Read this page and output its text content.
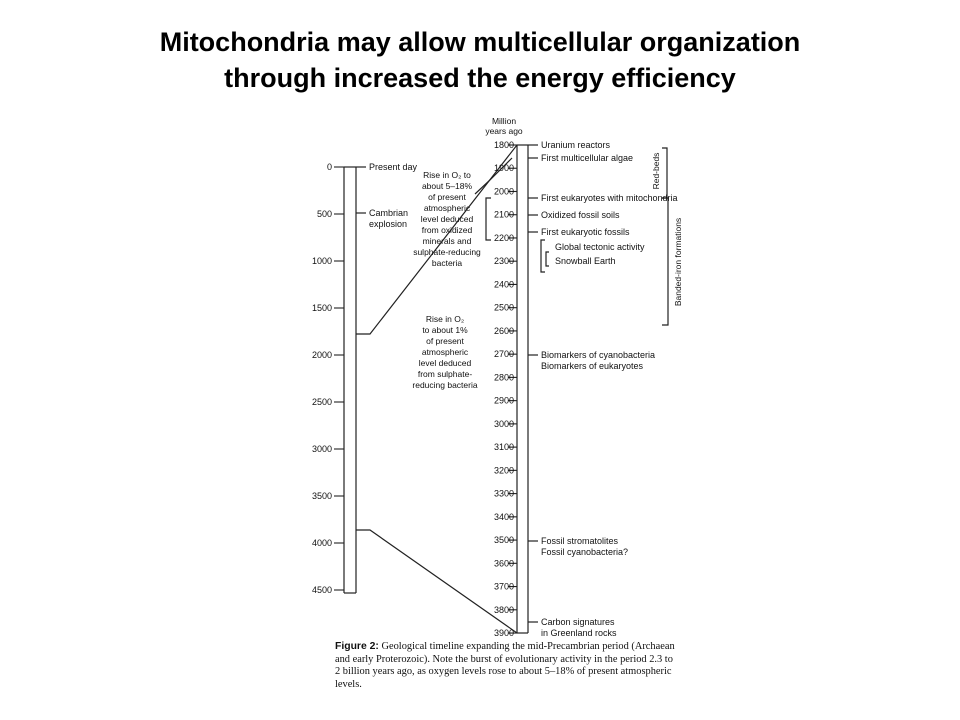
Mitochondria may allow multicellular organization
through increased the energy efficiency
0
500
1000
1500
2000
2500
3000
3500
4000
4500
1800
1900
2000
2100
2200
2300
2400
2500
2600
2700
2800
2900
3000
3100
3200
3300
3400
3500
3600
3700
3800
3900
Million
years ago
Present day
Cambrian
explosion
Rise in O₂ to
about 5–18%
of present
atmospheric
level deduced
from oxidized
minerals and
sulphate-reducing
bacteria
Rise in O₂
to about 1%
of present
atmospheric
level deduced
from sulphate-
reducing bacteria
Uranium reactors
First multicellular algae
First eukaryotes with mitochondria
Oxidized fossil soils
First eukaryotic fossils
Global tectonic activity
Snowball Earth
Biomarkers of cyanobacteria
Biomarkers of eukaryotes
Fossil stromatolites
Fossil cyanobacteria?
Carbon signatures
in Greenland rocks
Red-beds
Banded-iron formations
Figure 2: Geological timeline expanding the mid-Precambrian period (Archaean and early Proterozoic). Note the burst of evolutionary activity in the period 2.3 to 2 billion years ago, as oxygen levels rose to about 5–18% of present atmospheric levels.
